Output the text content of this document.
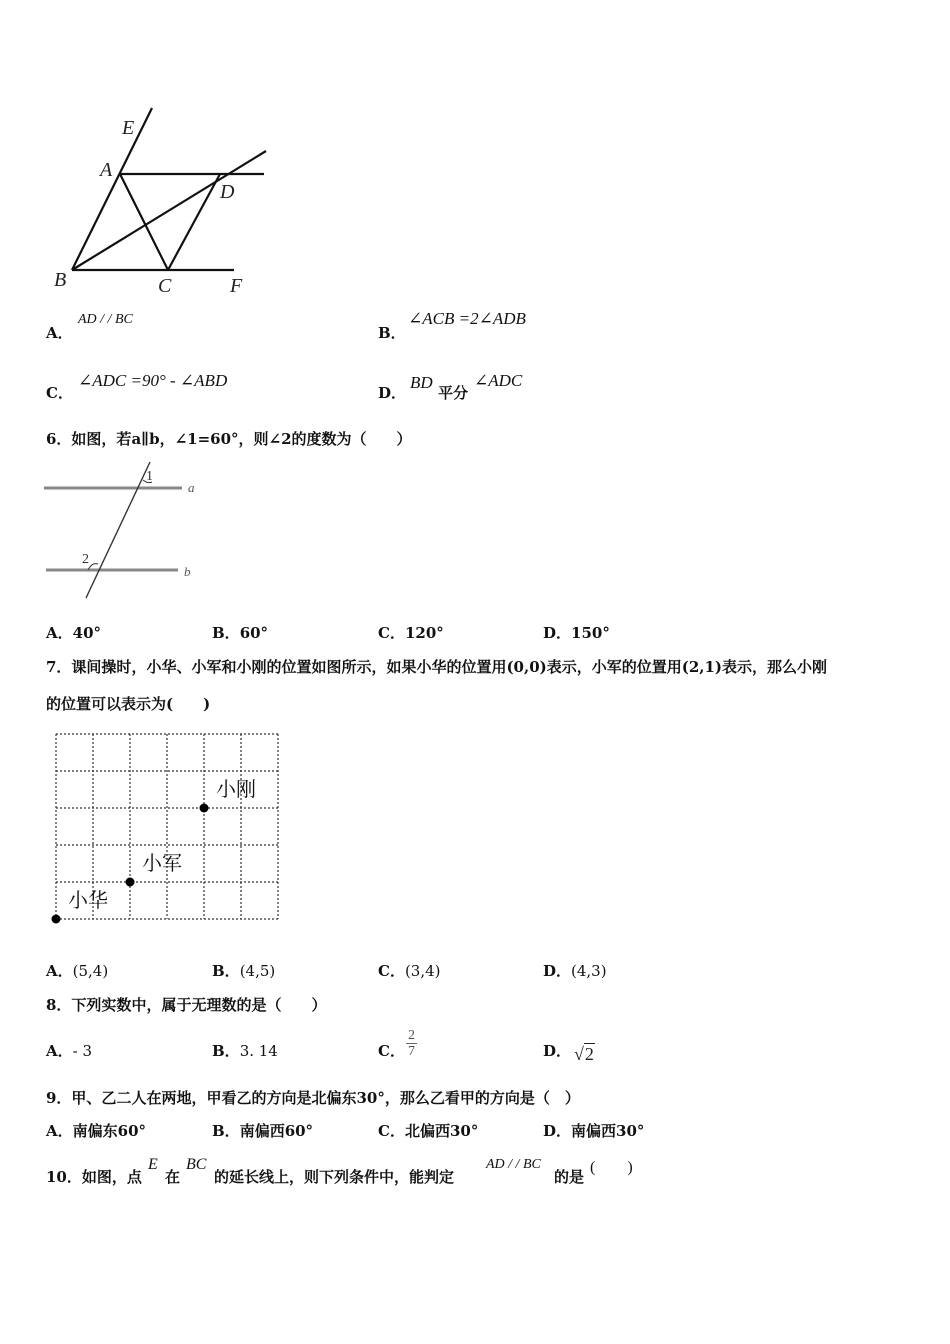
E
A
D
B	C	F
A．
AD / / BC
B．
∠ACB =2∠ADB
C．
∠ADC =90° - ∠ABD
D．
BD
平分
∠ADC
6．如图，若a∥b，∠1=60°，则∠2的度数为（　　）
1
2
a
b
A．40°	B．60°	C．120°	D．150°
7．课间操时，小华、小军和小刚的位置如图所示，如果小华的位置用(0,0)表示，小军的位置用(2,1)表示，那么小刚
的位置可以表示为(　　)
小华
小军
小刚
A．(5,4)	B．(4,5)	C．(3,4)	D．(4,3)
8．下列实数中，属于无理数的是（　　）
A．- 3	B．3. 14	C． $\frac{2}{7}$	D． √2
9．甲、乙二人在两地，甲看乙的方向是北偏东30°，那么乙看甲的方向是（　）
A．南偏东60°	B．南偏西60°	C．北偏西30°	D．南偏西30°
10．如图，点
E
在
BC
的延长线上，则下列条件中，能判定
AD / / BC
的是
(　　)
